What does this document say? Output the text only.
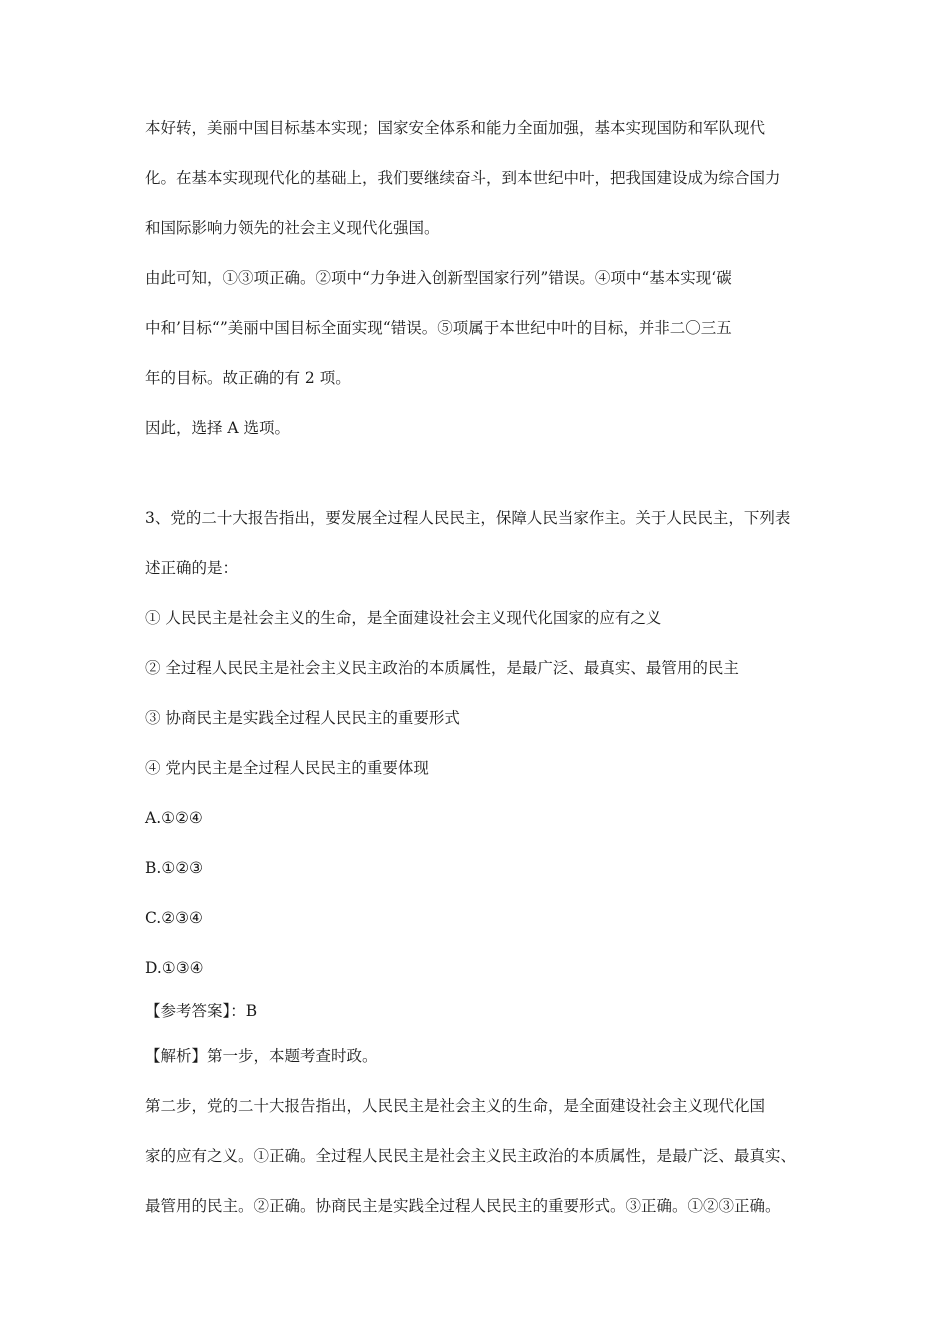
本好转，美丽中国目标基本实现；国家安全体系和能力全面加强，基本实现国防和军队现代

化。在基本实现现代化的基础上，我们要继续奋斗，到本世纪中叶，把我国建设成为综合国力

和国际影响力领先的社会主义现代化强国。

由此可知，①③项正确。②项中“力争进入创新型国家行列”错误。④项中“基本实现‘碳

中和’目标“”美丽中国目标全面实现“错误。⑤项属于本世纪中叶的目标，并非二〇三五

年的目标。故正确的有 2 项。

因此，选择 A 选项。

3、党的二十大报告指出，要发展全过程人民民主，保障人民当家作主。关于人民民主，下列表

述正确的是：

① 人民民主是社会主义的生命，是全面建设社会主义现代化国家的应有之义

② 全过程人民民主是社会主义民主政治的本质属性，是最广泛、最真实、最管用的民主

③ 协商民主是实践全过程人民民主的重要形式

④ 党内民主是全过程人民民主的重要体现

A.①②④

B.①②③

C.②③④

D.①③④

【参考答案】：B

【解析】第一步，本题考查时政。

第二步，党的二十大报告指出，人民民主是社会主义的生命，是全面建设社会主义现代化国

家的应有之义。①正确。全过程人民民主是社会主义民主政治的本质属性，是最广泛、最真实、

最管用的民主。②正确。协商民主是实践全过程人民民主的重要形式。③正确。①②③正确。
